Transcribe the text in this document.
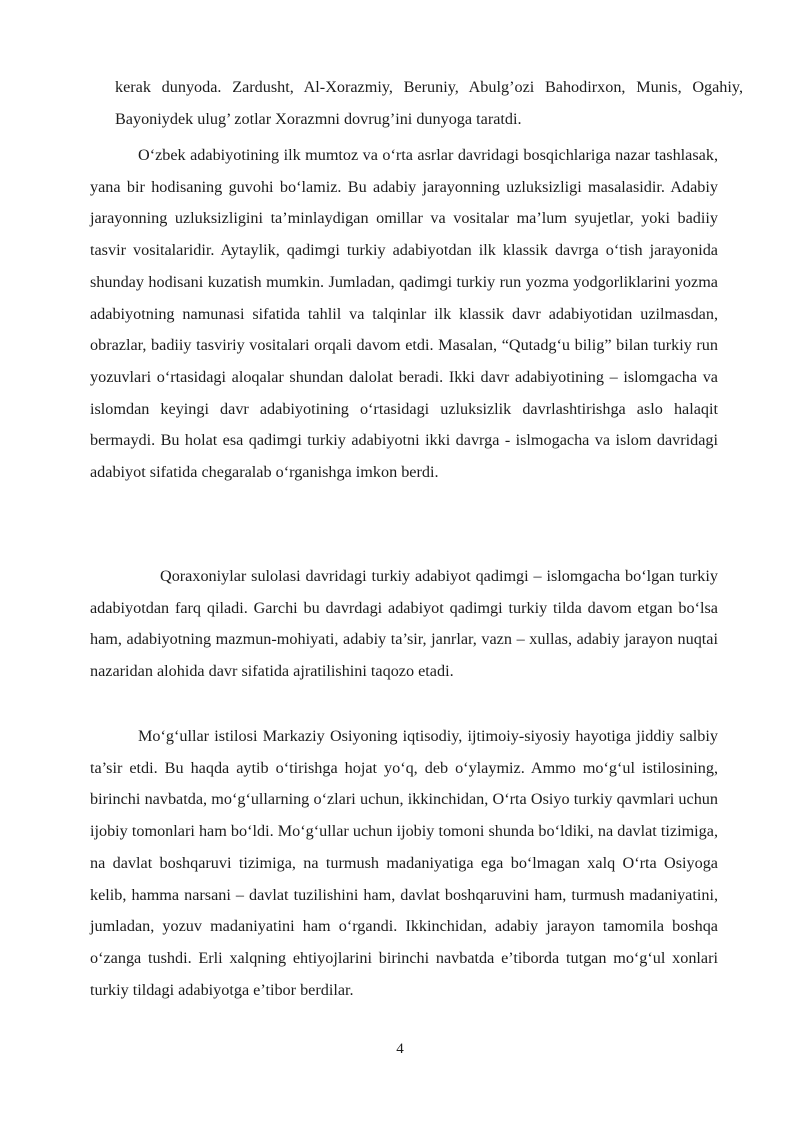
kerak dunyoda. Zardusht, Al-Xorazmiy, Beruniy, Abulg’ozi Bahodirxon, Munis, Ogahiy, Bayoniydek ulug’ zotlar Xorazmni dovrug’ini dunyoga taratdi.

O‘zbek adabiyotining ilk mumtoz va o‘rta asrlar davridagi bosqichlariga nazar tashlasak, yana bir hodisaning guvohi bo‘lamiz. Bu adabiy jarayonning uzluksizligi masalasidir. Adabiy jarayonning uzluksizligini ta’minlaydigan omillar va vositalar ma’lum syujetlar, yoki badiiy tasvir vositalaridir. Aytaylik, qadimgi turkiy adabiyotdan ilk klassik davrga o‘tish jarayonida shunday hodisani kuzatish mumkin. Jumladan, qadimgi turkiy run yozma yodgorliklarini yozma adabiyotning namunasi sifatida tahlil va talqinlar ilk klassik davr adabiyotidan uzilmasdan, obrazlar, badiiy tasviriy vositalari orqali davom etdi. Masalan, “Qutadg‘u bilig” bilan turkiy run yozuvlari o‘rtasidagi aloqalar shundan dalolat beradi. Ikki davr adabiyotining – islomgacha va islomdan keyingi davr adabiyotining o‘rtasidagi uzluksizlik davrlashtirishga aslo halaqit bermaydi. Bu holat esa qadimgi turkiy adabiyotni ikki davrga - islmogacha va islom davridagi adabiyot sifatida chegaralab o‘rganishga imkon berdi.

Qoraxoniylar sulolasi davridagi turkiy adabiyot qadimgi – islomgacha bo‘lgan turkiy adabiyotdan farq qiladi. Garchi bu davrdagi adabiyot qadimgi turkiy tilda davom etgan bo‘lsa ham, adabiyotning mazmun-mohiyati, adabiy ta’sir, janrlar, vazn – xullas, adabiy jarayon nuqtai nazaridan alohida davr sifatida ajratilishini taqozo etadi.

Mo‘g‘ullar istilosi Markaziy Osiyoning iqtisodiy, ijtimoiy-siyosiy hayotiga jiddiy salbiy ta’sir etdi. Bu haqda aytib o‘tirishga hojat yo‘q, deb o‘ylaymiz. Ammo mo‘g‘ul istilosining, birinchi navbatda, mo‘g‘ullarning o‘zlari uchun, ikkinchidan, O‘rta Osiyo turkiy qavmlari uchun ijobiy tomonlari ham bo‘ldi. Mo‘g‘ullar uchun ijobiy tomoni shunda bo‘ldiki, na davlat tizimiga, na davlat boshqaruvi tizimiga, na turmush madaniyatiga ega bo‘lmagan xalq O‘rta Osiyoga kelib, hamma narsani – davlat tuzilishini ham, davlat boshqaruvini ham, turmush madaniyatini, jumladan, yozuv madaniyatini ham o‘rgandi. Ikkinchidan, adabiy jarayon tamomila boshqa o‘zanga tushdi. Erli xalqning ehtiyojlarini birinchi navbatda e’tiborda tutgan mo‘g‘ul xonlari turkiy tildagi adabiyotga e’tibor berdilar.

4
